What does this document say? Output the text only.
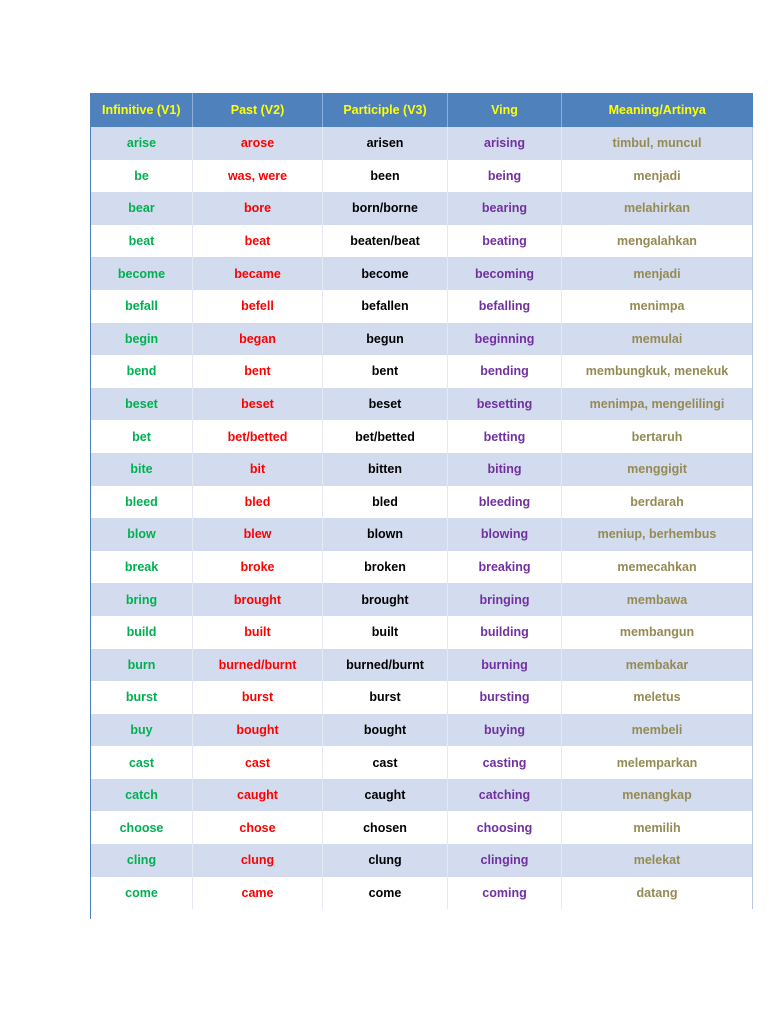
Infinitive (V1)	Past (V2)	Participle (V3)	Ving	Meaning/Artinya
arise	arose	arisen	arising	timbul, muncul
be	was, were	been	being	menjadi
bear	bore	born/borne	bearing	melahirkan
beat	beat	beaten/beat	beating	mengalahkan
become	became	become	becoming	menjadi
befall	befell	befallen	befalling	menimpa
begin	began	begun	beginning	memulai
bend	bent	bent	bending	membungkuk, menekuk
beset	beset	beset	besetting	menimpa, mengelilingi
bet	bet/betted	bet/betted	betting	bertaruh
bite	bit	bitten	biting	menggigit
bleed	bled	bled	bleeding	berdarah
blow	blew	blown	blowing	meniup, berhembus
break	broke	broken	breaking	memecahkan
bring	brought	brought	bringing	membawa
build	built	built	building	membangun
burn	burned/burnt	burned/burnt	burning	membakar
burst	burst	burst	bursting	meletus
buy	bought	bought	buying	membeli
cast	cast	cast	casting	melemparkan
catch	caught	caught	catching	menangkap
choose	chose	chosen	choosing	memilih
cling	clung	clung	clinging	melekat
come	came	come	coming	datang
